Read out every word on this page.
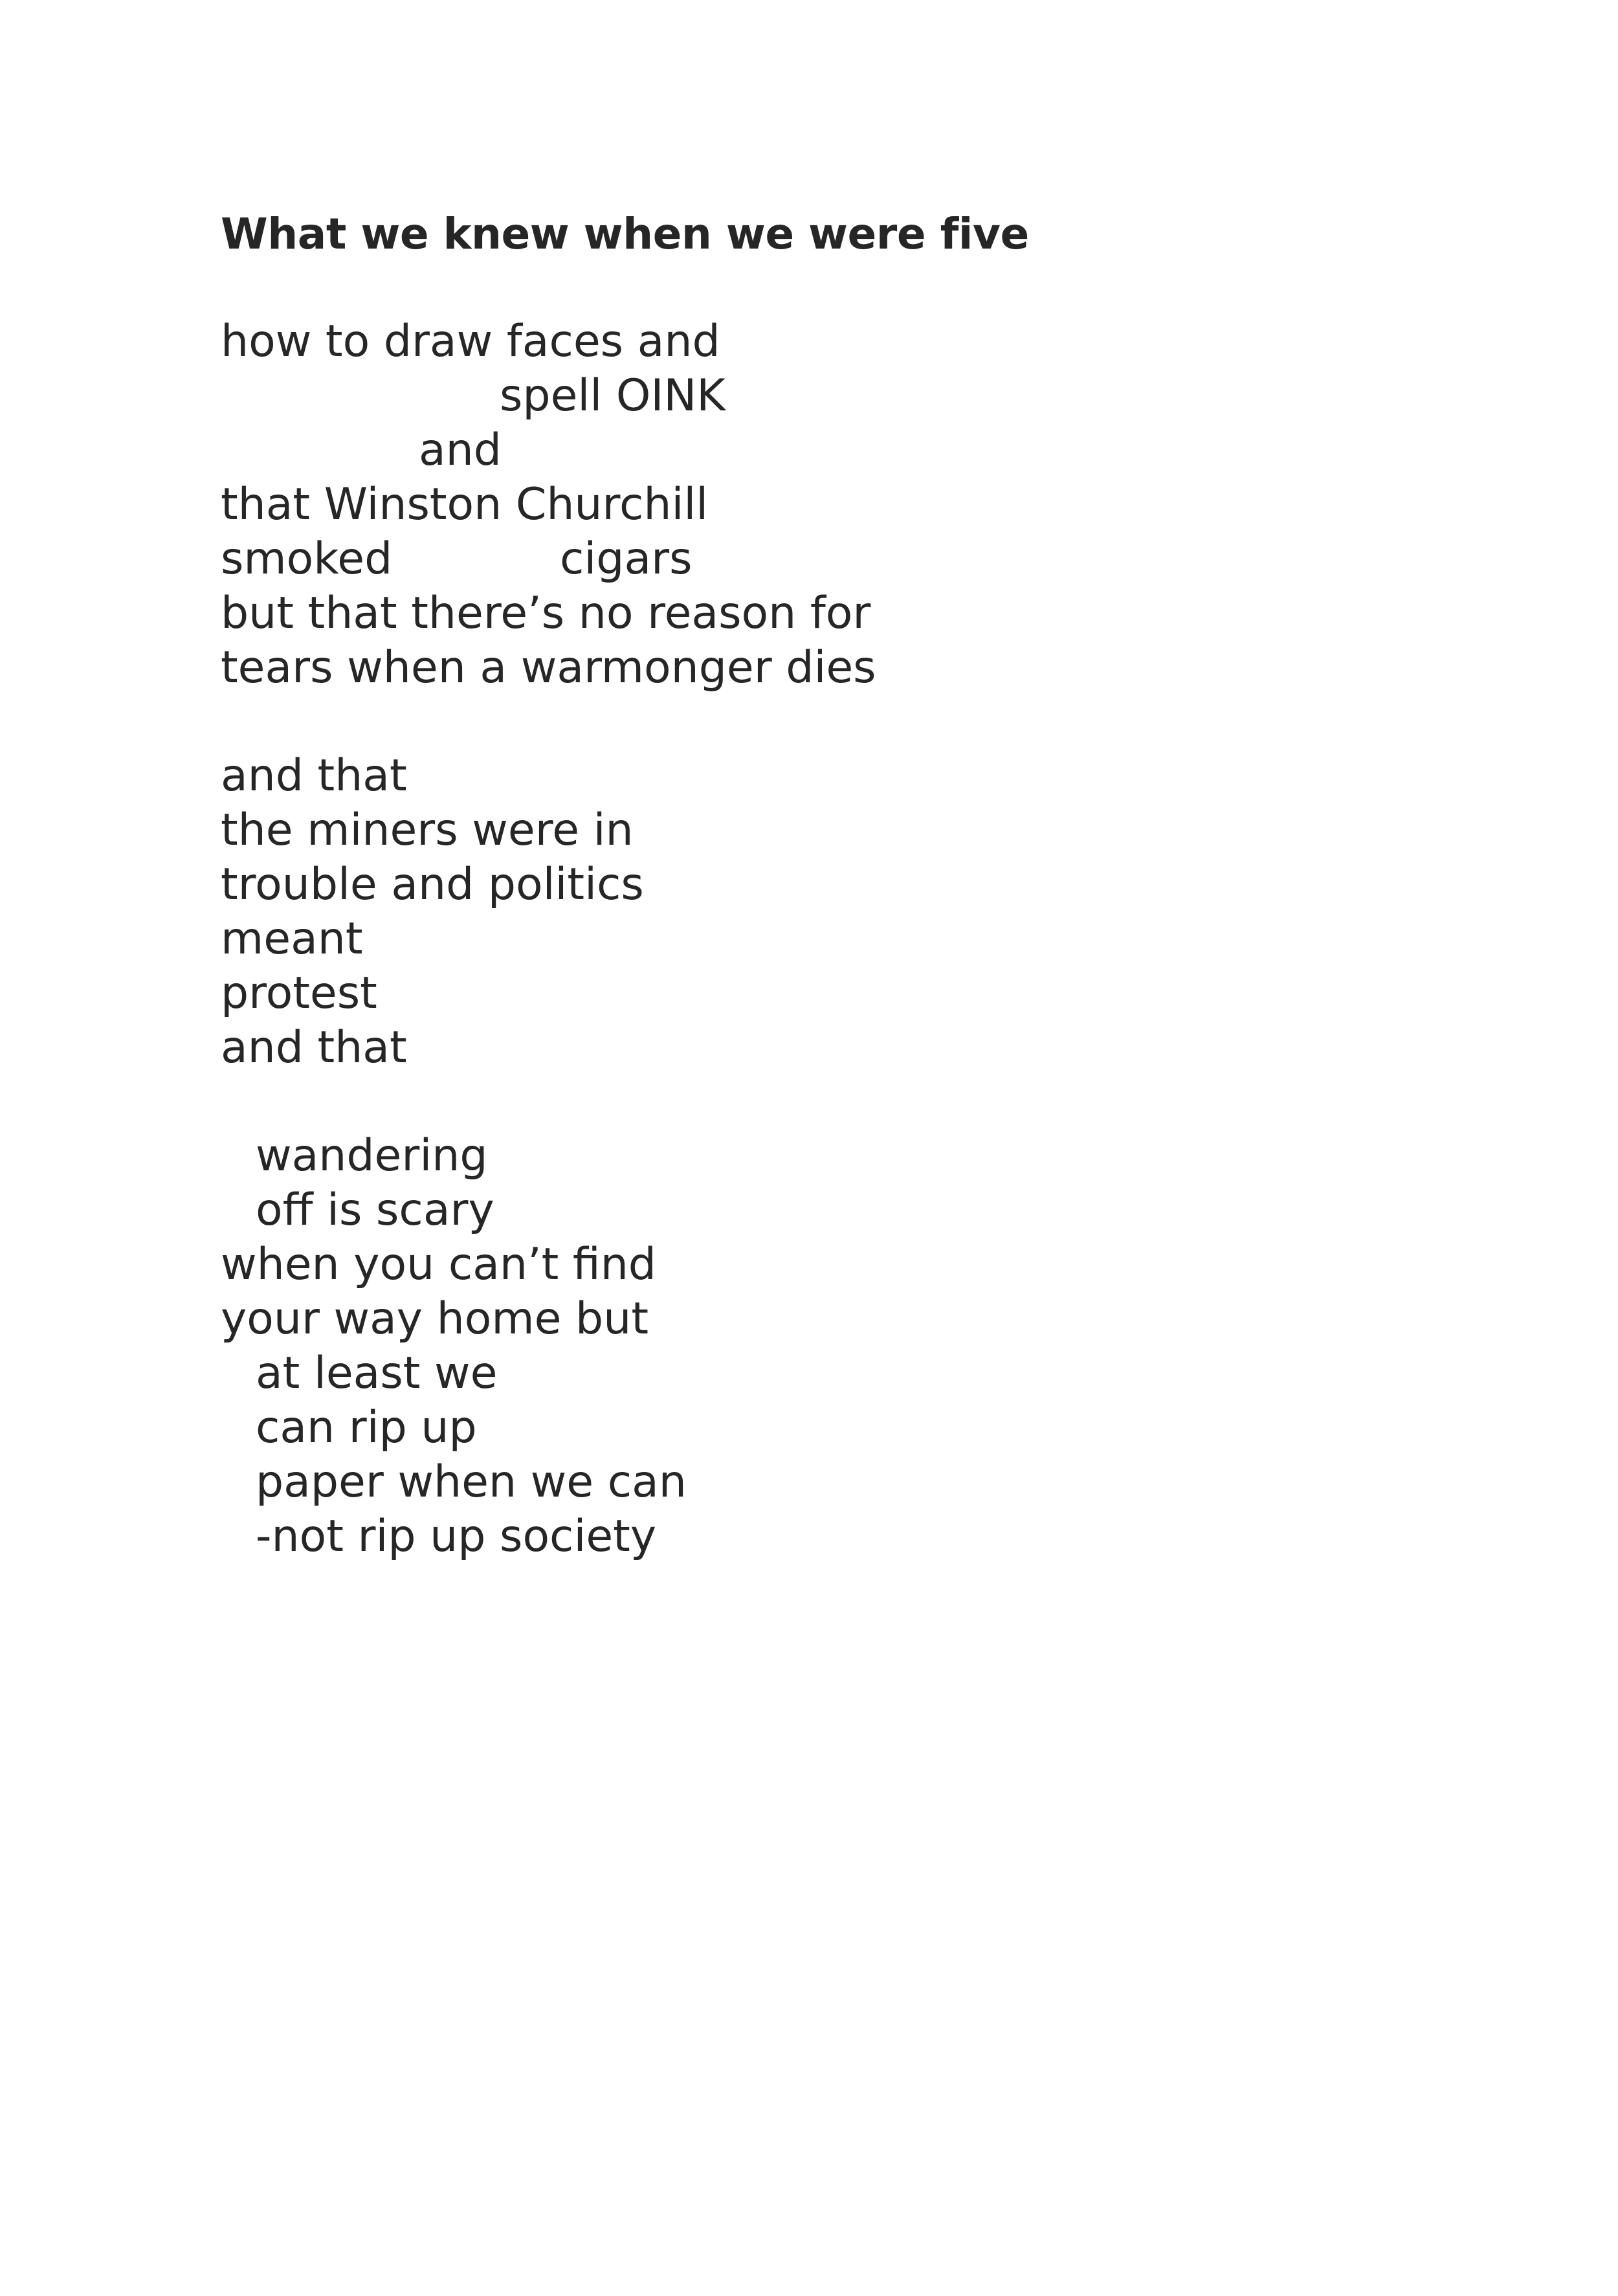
What we knew when we were five
how to draw faces and
spell OINK
and
that Winston Churchill
smoked	cigars
but that there’s no reason for
tears when a warmonger dies
and that
the miners were in
trouble and politics
meant
protest
and that
wandering
off is scary
when you can’t find
your way home but
at least we
can rip up
paper when we can
-not rip up society
